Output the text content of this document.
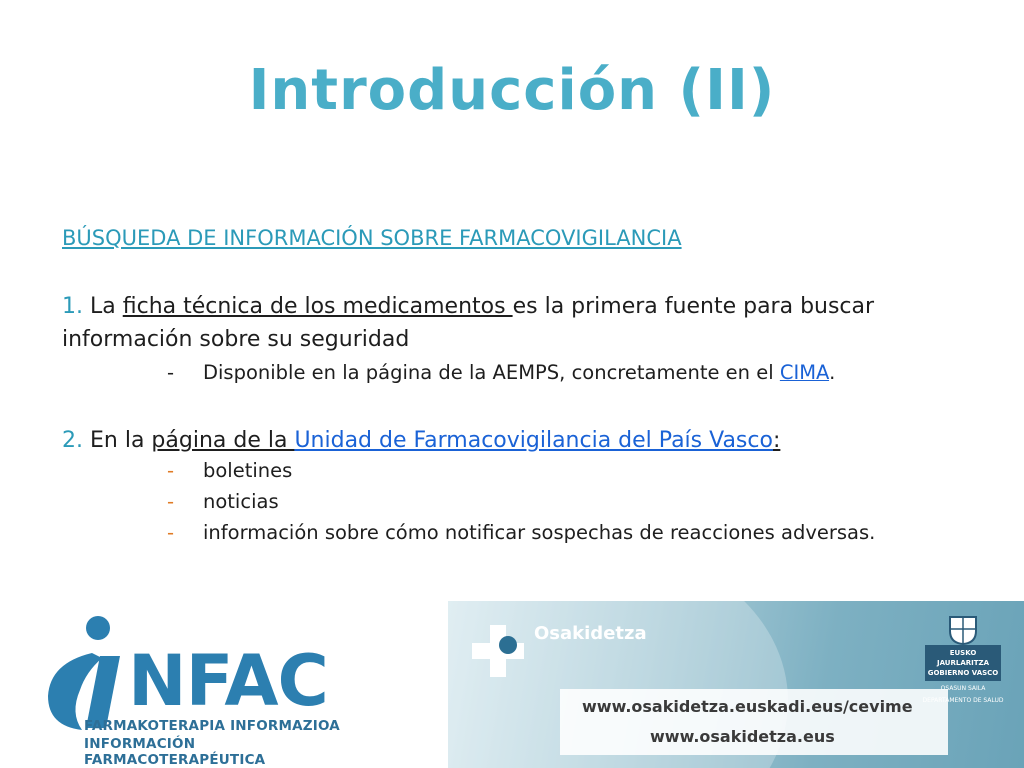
Introducción (II)
BÚSQUEDA DE INFORMACIÓN SOBRE FARMACOVIGILANCIA
1. La ficha técnica de los medicamentos es la primera fuente para buscar
información sobre su seguridad
- Disponible en la página de la AEMPS, concretamente en el CIMA.
2. En la página de la Unidad de Farmacovigilancia del País Vasco:
- boletines
- noticias
- información sobre cómo notificar sospechas de reacciones adversas.
NFAC
FARMAKOTERAPIA INFORMAZIOA
INFORMACIÓN FARMACOTERAPÉUTICA
Osakidetza
www.osakidetza.euskadi.eus/cevime
www.osakidetza.eus
EUSKO JAURLARITZA
GOBIERNO VASCO
OSASUN SAILA
DEPARTAMENTO DE SALUD
